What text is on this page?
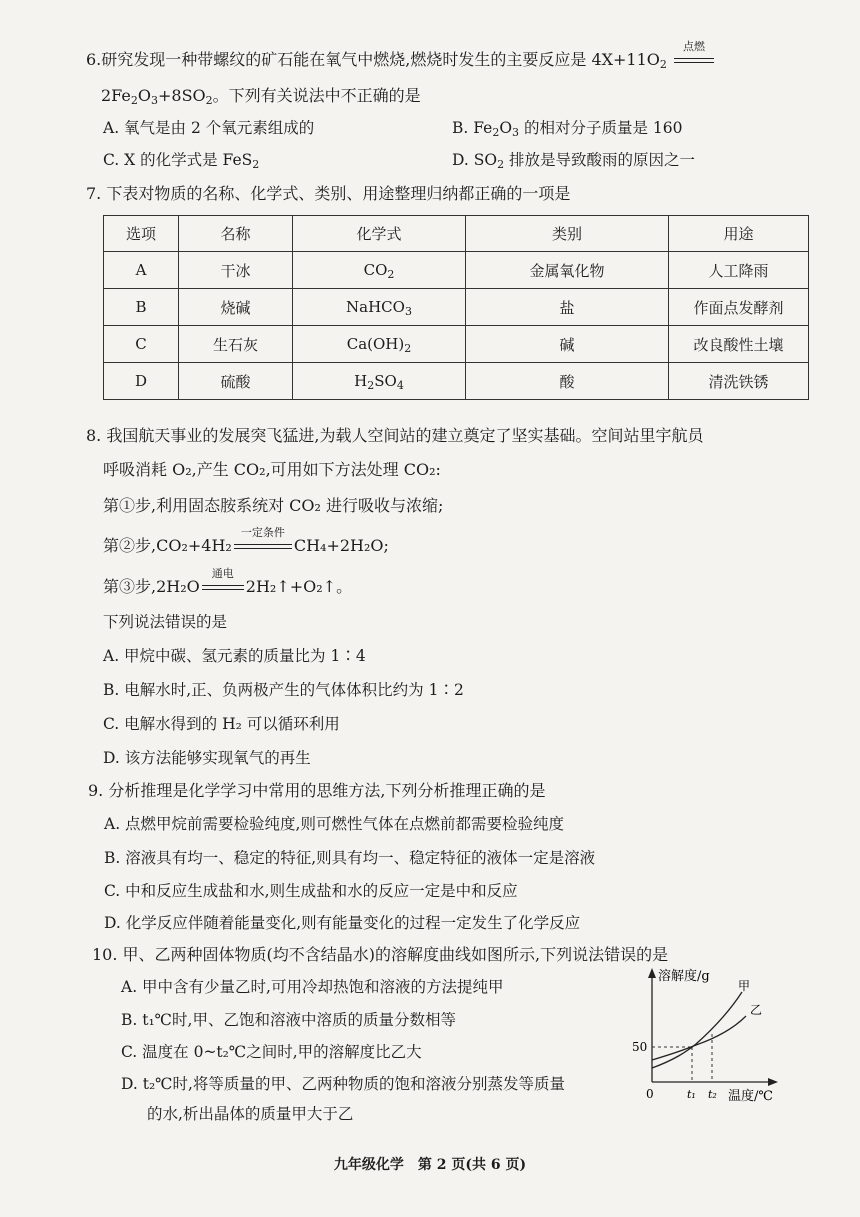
6.研究发现一种带螺纹的矿石能在氧气中燃烧,燃烧时发生的主要反应是 $4X+11O_2$
点燃
$2Fe_2O_3+8SO_2$。下列有关说法中不正确的是
A. 氧气是由 2 个氧元素组成的	B. $Fe_2O_3$ 的相对分子质量是 160
C. X 的化学式是 FeS$_2$	D. $SO_2$ 排放是导致酸雨的原因之一
7. 下表对物质的名称、化学式、类别、用途整理归纳都正确的一项是
选项	名称	化学式	类别	用途
A	干冰	$CO_2$	金属氧化物	人工降雨
B	烧碱	NaHCO$_3$	盐	作面点发酵剂
C	生石灰	$Ca(OH)_2$	碱	改良酸性土壤
D	硫酸	$H_2SO_4$	酸	清洗铁锈
8. 我国航天事业的发展突飞猛进,为载人空间站的建立奠定了坚实基础。空间站里宇航员
呼吸消耗 O₂,产生 CO₂,可用如下方法处理 CO₂:
第①步,利用固态胺系统对 CO₂ 进行吸收与浓缩;
第②步,CO₂+4H₂
一定条件
CH₄+2H₂O;
第③步,2H₂O
通电
2H₂↑+O₂↑。
下列说法错误的是
A. 甲烷中碳、氢元素的质量比为 1∶4
B. 电解水时,正、负两极产生的气体体积比约为 1∶2
C. 电解水得到的 H₂ 可以循环利用
D. 该方法能够实现氧气的再生
9. 分析推理是化学学习中常用的思维方法,下列分析推理正确的是
A. 点燃甲烷前需要检验纯度,则可燃性气体在点燃前都需要检验纯度
B. 溶液具有均一、稳定的特征,则具有均一、稳定特征的液体一定是溶液
C. 中和反应生成盐和水,则生成盐和水的反应一定是中和反应
D. 化学反应伴随着能量变化,则有能量变化的过程一定发生了化学反应
10. 甲、乙两种固体物质(均不含结晶水)的溶解度曲线如图所示,下列说法错误的是
A. 甲中含有少量乙时,可用冷却热饱和溶液的方法提纯甲
B. t₁℃时,甲、乙饱和溶液中溶质的质量分数相等
C. 温度在 0~t₂℃之间时,甲的溶解度比乙大
D. t₂℃时,将等质量的甲、乙两种物质的饱和溶液分别蒸发等质量
的水,析出晶体的质量甲大于乙
溶解度/g
温度/℃
0
50
t₁ t₂
甲
乙
九年级化学　第 2 页(共 6 页)
